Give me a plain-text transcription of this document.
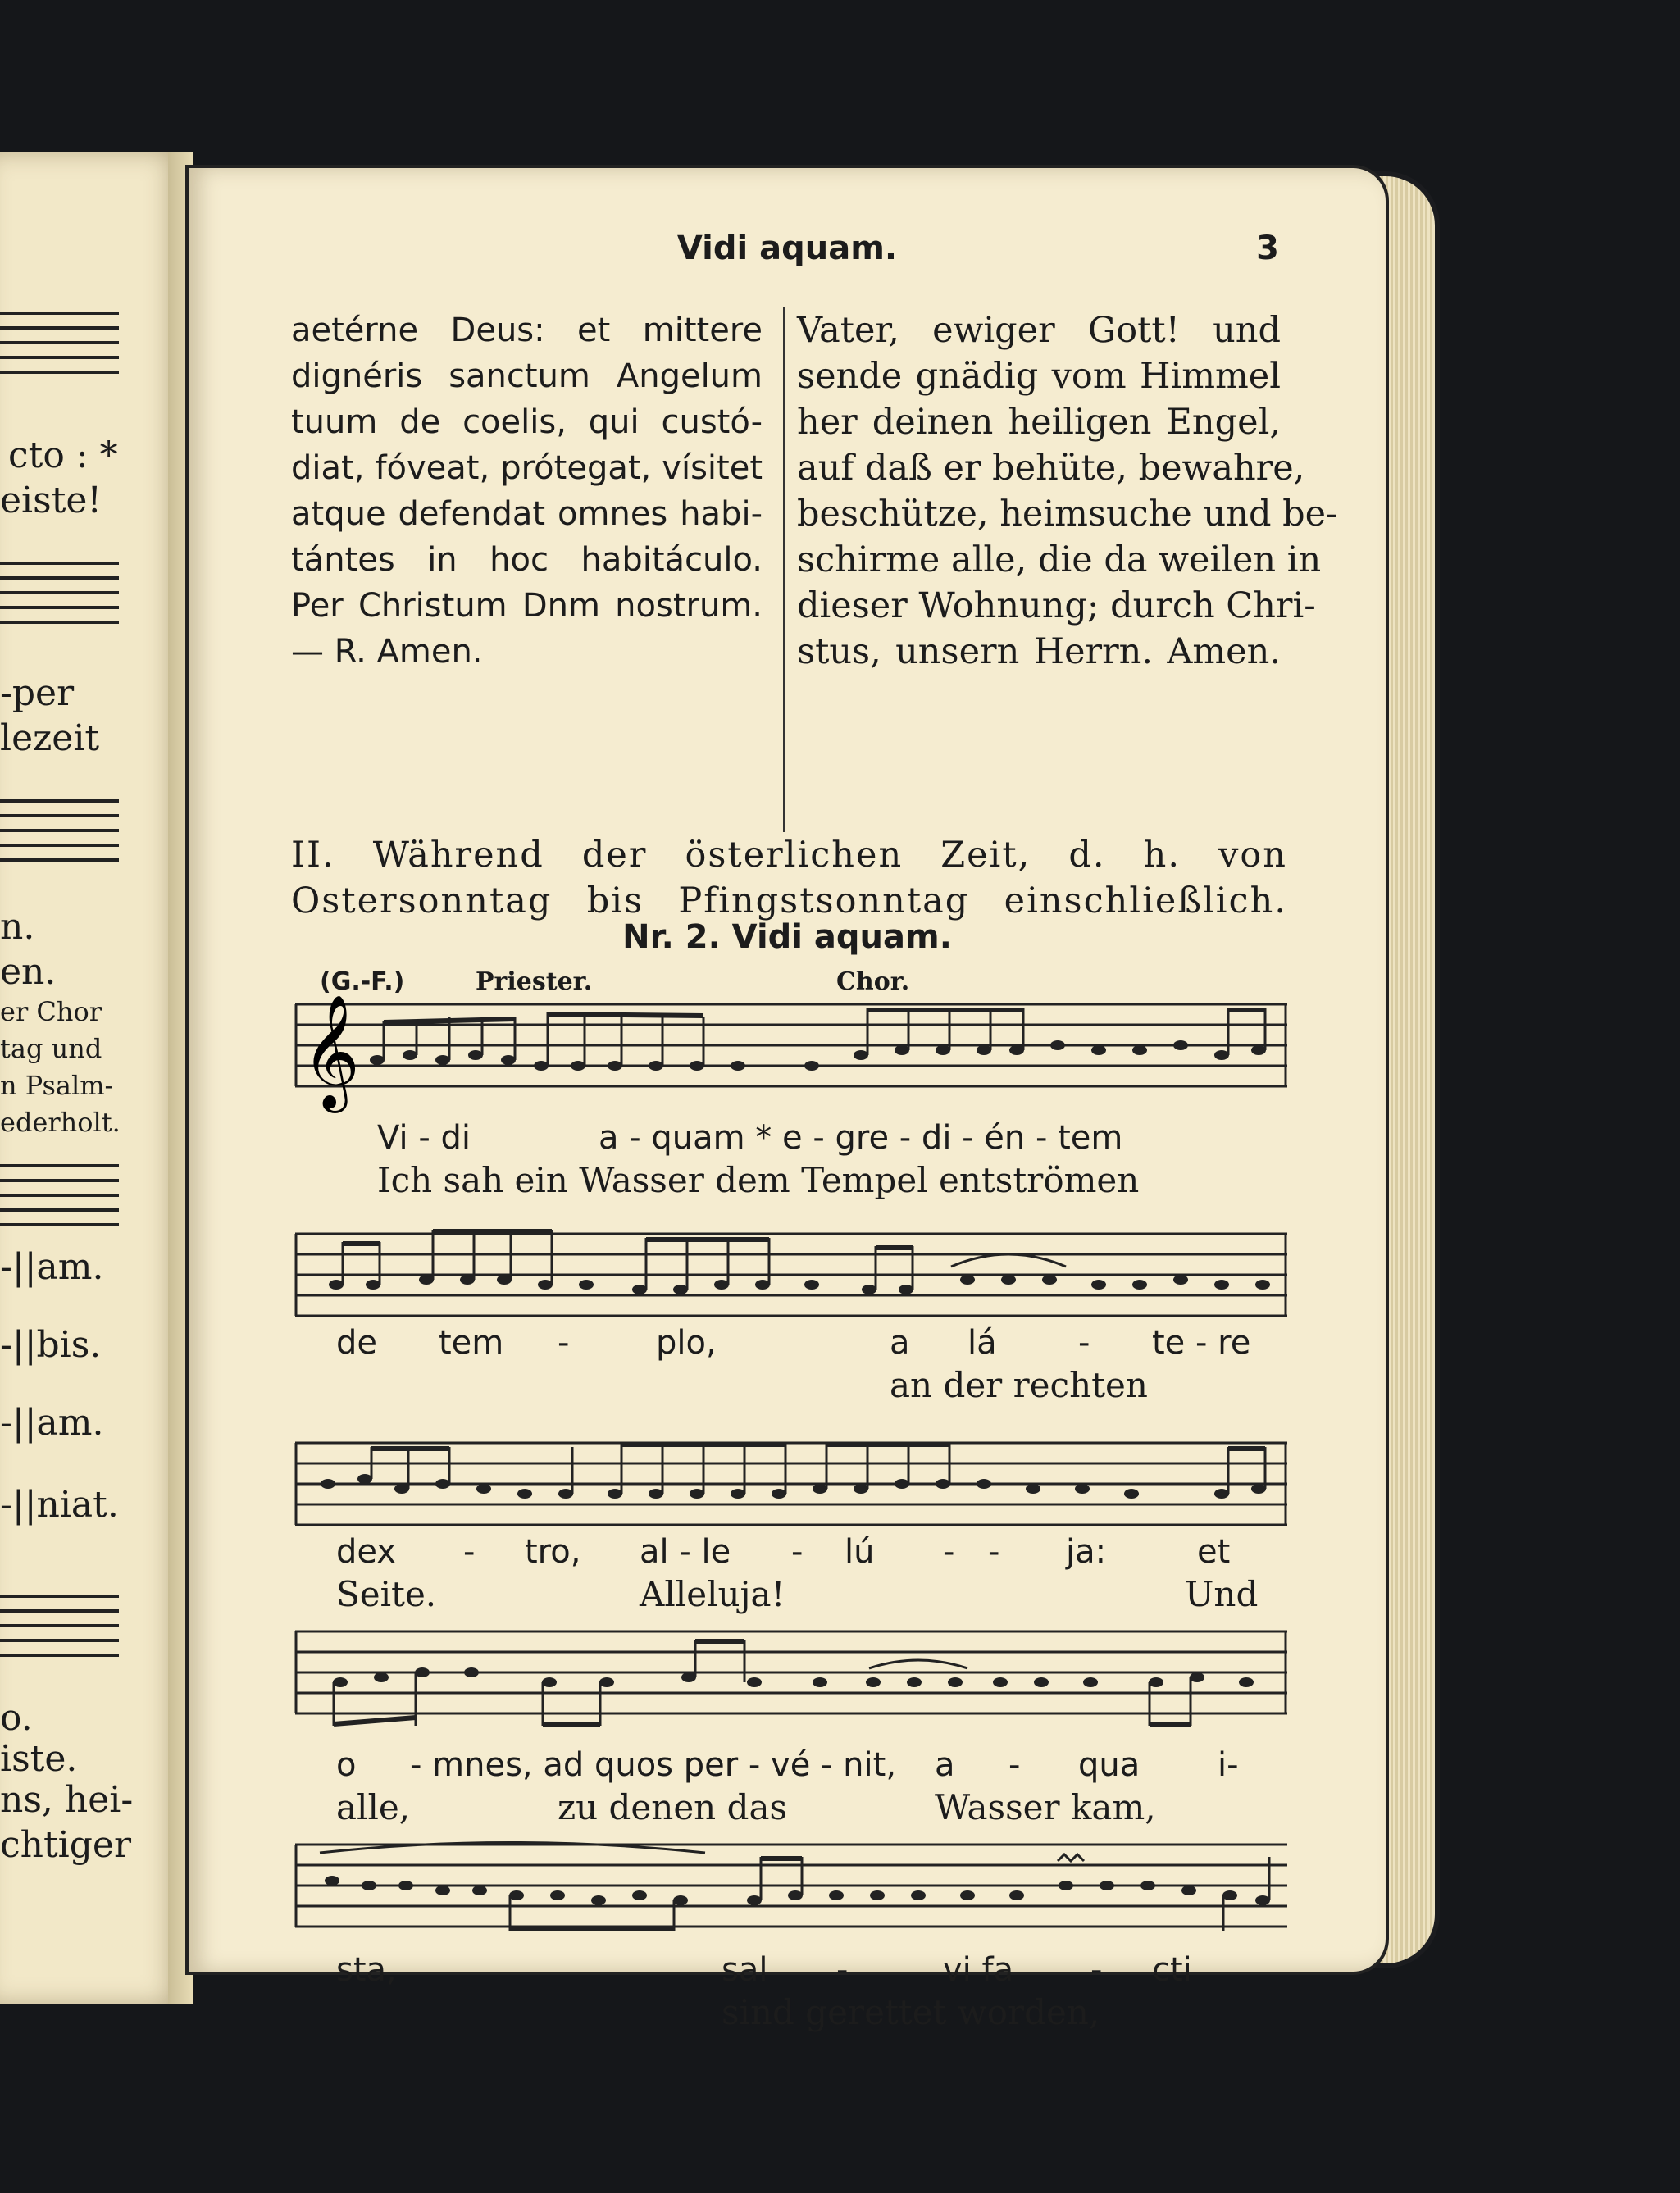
cto : *
eiste!
-per
lezeit
n.
en.
er Chor
tag und
n Psalm-
ederholt.
-||am.
-||bis.
-||am.
-||niat.
o.
iste.
ns, hei-
chtiger
Vidi aquam.	3
aetérne Deus: et mittere
dignéris sanctum Angelum
tuum de coelis, qui custó-
diat, fóveat, prótegat, vísitet
atque defendat omnes habi-
tántes in hoc habitáculo.
Per Christum Dnm nostrum.
— R. Amen.
Vater, ewiger Gott! und
sende gnädig vom Himmel
her deinen heiligen Engel,
auf daß er behüte, bewahre,
beschütze, heimsuche und be-
schirme alle, die da weilen in
dieser Wohnung; durch Chri-
stus, unsern Herrn. Amen.
II. Während der österlichen Zeit, d. h. von
Ostersonntag bis Pfingstsonntag einschließlich.
Nr. 2. Vidi aquam.
(G.-F.)	Priester.	Chor.
𝄞
Vi - di	a - quam * e - gre - di - én - tem
Ich sah ein Wasser dem Tempel entströmen
de tem -	plo,	a lá - te - re
an der rechten
dex - tro, al - le - lú - - ja:	et
Seite.	Alleluja!	Und
o - mnes, ad quos per - vé - nit, a - qua i-
alle,	zu denen das	Wasser kam,
sta,	sal -	vi fa - cti
sind gerettet worden,
